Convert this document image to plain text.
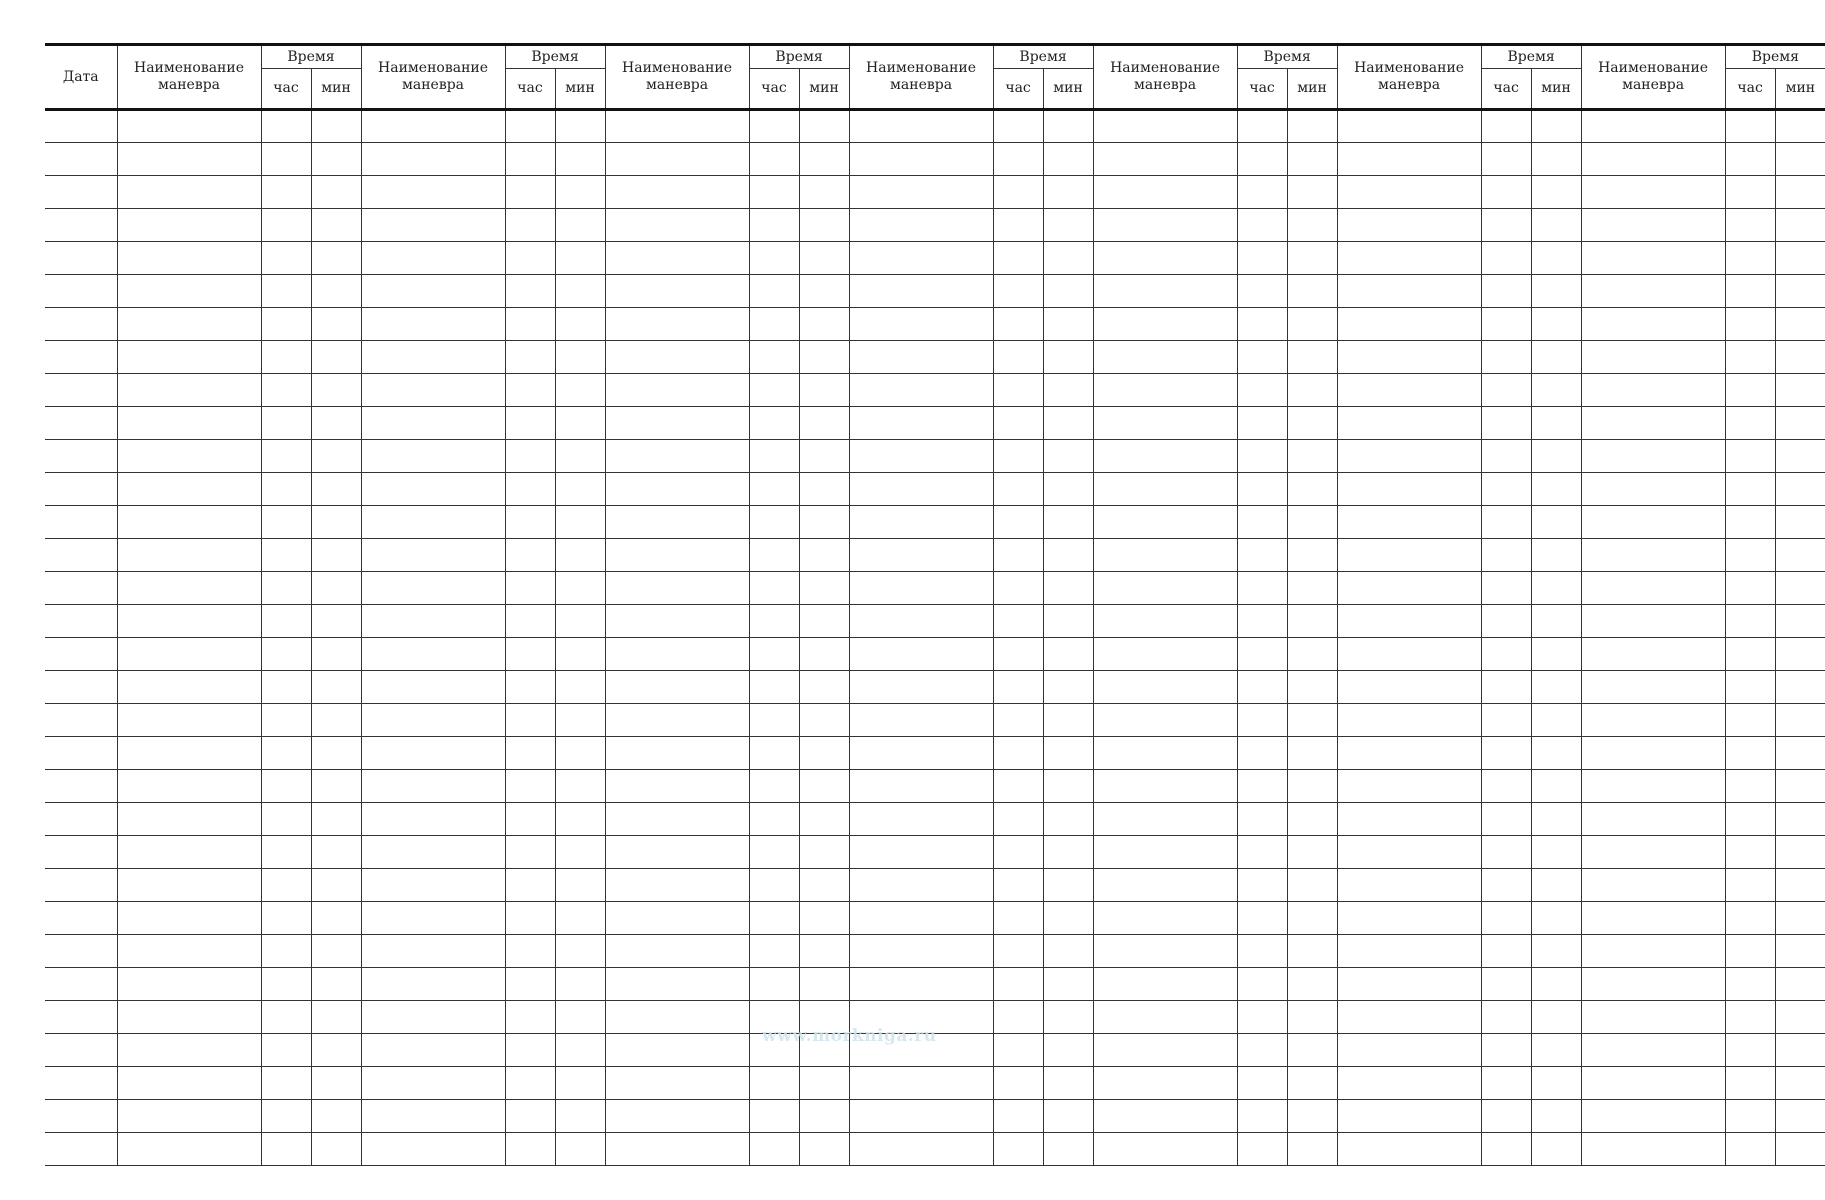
Дата	Наименование маневра	Время		Наименование маневра	Время		Наименование маневра	Время		Наименование маневра	Время		Наименование маневра	Время		Наименование маневра	Время		Наименование маневра	Время	
		час	мин		час	мин		час	мин		час	мин		час	мин		час	мин		час	мин

www.morkniga.ru
